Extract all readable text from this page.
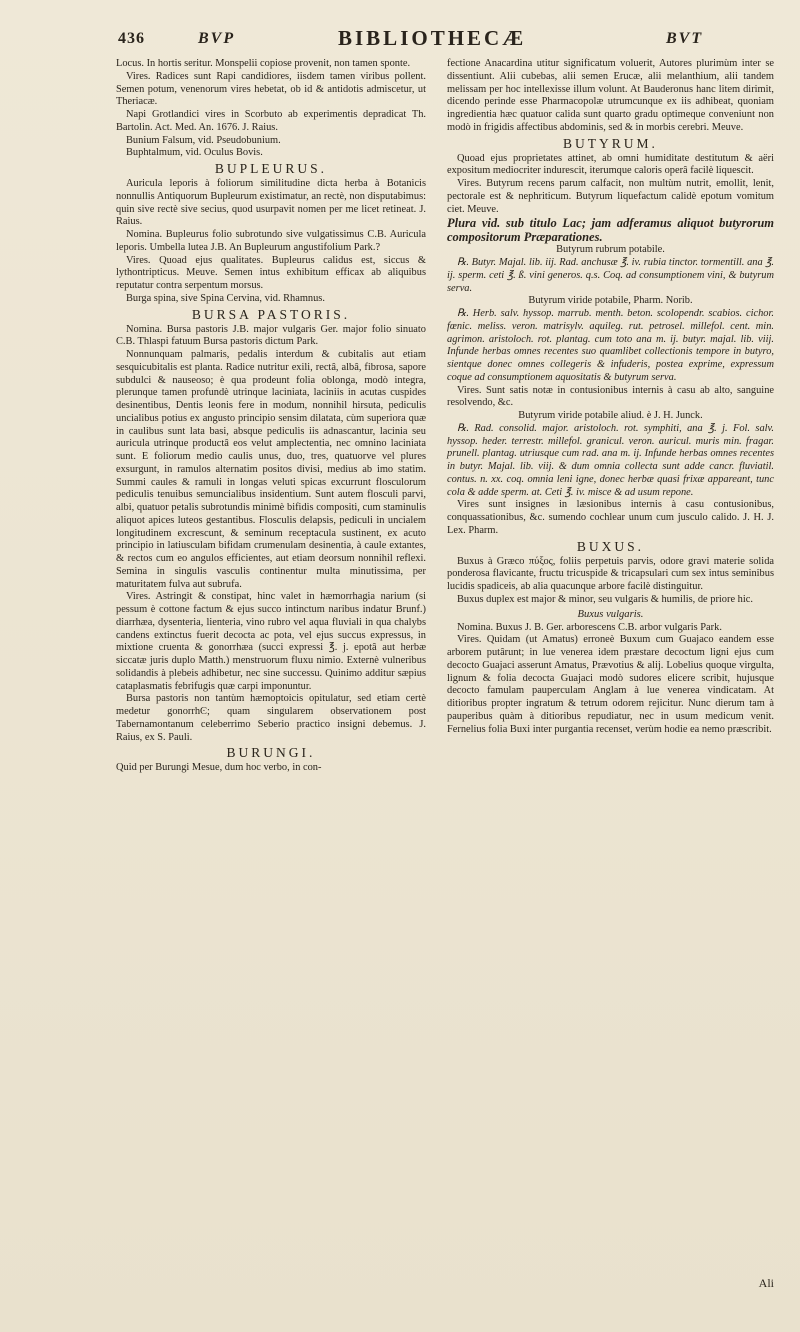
436	BVP	BIBLIOTHECÆ	BVT

Locus. In hortis seritur. Monspelii copiose provenit, non tamen sponte.

Vires. Radices sunt Rapi candidiores, iisdem tamen viribus pollent. Semen potum, venenorum vires hebetat, ob id & antidotis admiscetur, ut Theriacæ.

Napi Grotlandici vires in Scorbuto ab experimentis depradicat Th. Bartolin. Act. Med. An. 1676. J. Raius.

Bunium Falsum, vid. Pseudobunium.

Buphtalmum, vid. Oculus Bovis.

BUPLEURUS.

Auricula leporis à foliorum similitudine dicta herba à Botanicis nonnullis Antiquorum Bupleurum existimatur, an rectè, non disputabimus: quin sive rectè sive secius, quod usurpavit nomen per me licet retineat. J. Raius.

Nomina. Bupleurus folio subrotundo sive vulgatissimus C.B. Auricula leporis. Umbella lutea J.B. An Bupleurum angustifolium Park.?

Vires. Quoad ejus qualitates. Bupleurus calidus est, siccus & lythontripticus. Meuve. Semen intus exhibitum efficax ab aliquibus reputatur contra serpentum morsus.

Burga spina, sive Spina Cervina, vid. Rhamnus.

BURSA PASTORIS.

Nomina. Bursa pastoris J.B. major vulgaris Ger. major folio sinuato C.B. Thlaspi fatuum Bursa pastoris dictum Park.

Nonnunquam palmaris, pedalis interdum & cubitalis aut etiam sesquicubitalis est planta. Radice nutritur exili, rectâ, albâ, fibrosa, sapore subdulci & nauseoso; è qua prodeunt folia oblonga, modò integra, plerunque tamen profundè utrinque laciniata, laciniis in acutas cuspides desinentibus, Dentis leonis fere in modum, nonnihil hirsuta, pediculis uncialibus potius ex angusto principio sensim dilatata, cùm superiora quæ in caulibus sunt lata basi, absque pediculis iis adnascantur, lacinia seu auricula utrinque productâ eos velut amplectentia, nec omnino laciniata sunt. E foliorum medio caulis unus, duo, tres, quatuorve vel plures exsurgunt, in ramulos alternatim positos divisi, medius ab imo statim. Summi caules & ramuli in longas veluti spicas excurrunt flosculorum pediculis tenuibus semuncialibus insidentium. Sunt autem flosculi parvi, albi, quatuor petalis subrotundis minimè bifidis compositi, cum staminulis aliquot apices luteos gestantibus. Flosculis delapsis, pediculi in uncialem longitudinem excrescunt, & seminum receptacula sustinent, ex acuto principio in latiusculam bifidam crumenulam desinentia, à caule extantes, & rectos cum eo angulos efficientes, aut etiam deorsum nonnihil reflexi. Semina in singulis vasculis continentur multa minutissima, per maturitatem fulva aut subrufa.

Vires. Astringit & constipat, hinc valet in hæmorrhagia narium (si pessum è cottone factum & ejus succo intinctum naribus indatur Brunf.) diarrhæa, dysenteria, lienteria, vino rubro vel aqua fluviali in qua chalybs candens extinctus fuerit decocta ac pota, vel ejus succus expressus, in mixtione cruenta & gonorrhæa (succi expressi ℥. j. epotâ aut herbæ siccatæ juris duplo Matth.) menstruorum fluxu nimio. Externè vulneribus solidandis à plebeis adhibetur, nec sine successu. Quinimo additur sæpius cataplasmatis febrifugis quæ carpi imponuntur.

Bursa pastoris non tantùm hæmoptoicis opitulatur, sed etiam certè medetur gonorrhϾ; quam singularem observationem post Tabernamontanum celeberrimo Seberio practico insigni debemus. J. Raius, ex S. Pauli.

BURUNGI.

Quid per Burungi Mesue, dum hoc verbo, in con-

fectione Anacardina utitur significatum voluerit, Autores plurimùm inter se dissentiunt. Alii cubebas, alii semen Erucæ, alii melanthium, alii tandem melissam per hoc intellexisse illum volunt. At Bauderonus hanc litem dirimit, dicendo perinde esse Pharmacopolæ utrumcunque ex iis adhibeat, quoniam ingredientia hæc quatuor calida sunt quarto gradu optimeque conveniunt non modò in frigidis affectibus abdominis, sed & in morbis cerebri. Meuve.

BUTYRUM.

Quoad ejus proprietates attinet, ab omni humiditate destitutum & aëri expositum mediocriter indurescit, iterumque caloris operâ facilè liquescit.

Vires. Butyrum recens parum calfacit, non multùm nutrit, emollit, lenit, pectorale est & nephriticum. Butyrum liquefactum calidè epotum vomitum ciet. Meuve.

Plura vid. sub titulo Lac; jam adferamus aliquot butyrorum compositorum Præparationes.

Butyrum rubrum potabile.

℞. Butyr. Majal. lib. iij. Rad. anchusæ ℥. iv. rubia tinctor. tormentill. ana ℥. ij. sperm. ceti ℥. ß. vini generos. q.s. Coq. ad consumptionem vini, & butyrum serva.

Butyrum viride potabile, Pharm. Norib.

℞. Herb. salv. hyssop. marrub. menth. beton. scolopendr. scabios. cichor. fœnic. meliss. veron. matrisylv. aquileg. rut. petrosel. millefol. cent. min. agrimon. aristoloch. rot. plantag. cum toto ana m. ij. butyr. majal. lib. viij. Infunde herbas omnes recentes suo quamlibet collectionis tempore in butyro, sientque donec omnes collegeris & infuderis, postea exprime, expressum coque ad consumptionem aquositatis & butyrum serva.

Vires. Sunt satis notæ in contusionibus internis à casu ab alto, sanguine resolvendo, &c.

Butyrum viride potabile aliud. è J. H. Junck.

℞. Rad. consolid. major. aristoloch. rot. symphiti, ana ℥. j. Fol. salv. hyssop. heder. terrestr. millefol. granicul. veron. auricul. muris min. fragar. prunell. plantag. utriusque cum rad. ana m. ij. Infunde herbas omnes recentes in butyr. Majal. lib. viij. & dum omnia collecta sunt adde cancr. fluviatil. contus. n. xx. coq. omnia leni igne, donec herbæ quasi frixæ appareant, tunc cola & adde sperm. at. Ceti ℥. iv. misce & ad usum repone.

Vires sunt insignes in læsionibus internis à casu contusionibus, conquassationibus, &c. sumendo cochlear unum cum jusculo calido. J. H. J. Lex. Pharm.

BUXUS.

Buxus à Græco πύξος, foliis perpetuis parvis, odore gravi materie solida ponderosa flavicante, fructu tricuspide & tricapsulari cum sex intus seminibus lucidis spadiceis, ab alia quacunque arbore facilè distinguitur.

Buxus duplex est major & minor, seu vulgaris & humilis, de priore hic.

Buxus vulgaris.

Nomina. Buxus J. B. Ger. arborescens C.B. arbor vulgaris Park.

Vires. Quidam (ut Amatus) erroneè Buxum cum Guajaco eandem esse arborem putârunt; in lue venerea idem præstare decoctum ligni ejus cum decocto Guajaci asserunt Amatus, Prævotius & alij. Lobelius quoque virgulta, lignum & folia decocta Guajaci modò sudores elicere scribit, hujusque decocto famulam pauperculam Anglam à lue venerea vindicatam. At ditioribus propter ingratum & tetrum odorem rejicitur. Nunc dierum tam à pauperibus quàm à ditioribus repudiatur, nec in usum medicum venit. Fernelius folia Buxi inter purgantia recenset, verùm hodie ea nemo præscribit.

Ali
